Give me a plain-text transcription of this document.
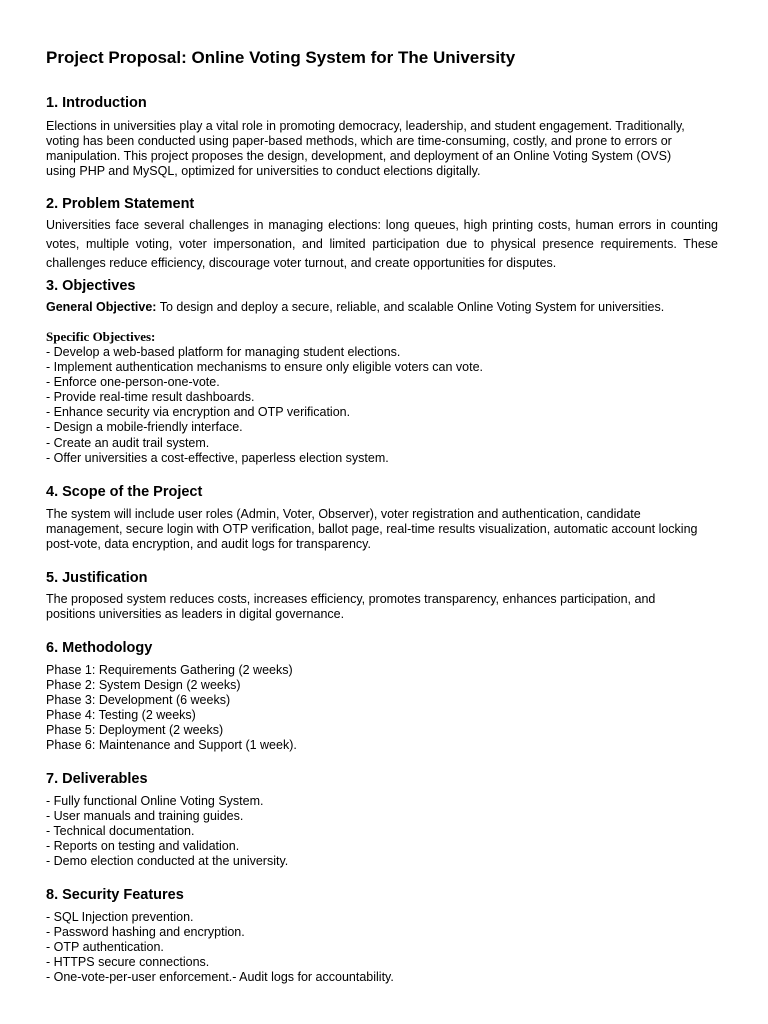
Project Proposal: Online Voting System for The University
1. Introduction
Elections in universities play a vital role in promoting democracy, leadership, and student engagement. Traditionally,
voting has been conducted using paper-based methods, which are time-consuming, costly, and prone to errors or
manipulation. This project proposes the design, development, and deployment of an Online Voting System (OVS)
using PHP and MySQL, optimized for universities to conduct elections digitally.
2. Problem Statement

Universities face several challenges in managing elections: long queues, high printing costs, human errors in counting votes, multiple voting, voter impersonation, and limited participation due to physical presence requirements. These challenges reduce efficiency, discourage voter turnout, and create opportunities for disputes.

3. Objectives
General Objective: To design and deploy a secure, reliable, and scalable Online Voting System for universities.
Specific Objectives:
- Develop a web-based platform for managing student elections.
- Implement authentication mechanisms to ensure only eligible voters can vote.
- Enforce one-person-one-vote.
- Provide real-time result dashboards.
- Enhance security via encryption and OTP verification.
- Design a mobile-friendly interface.
- Create an audit trail system.
- Offer universities a cost-effective, paperless election system.
4. Scope of the Project
The system will include user roles (Admin, Voter, Observer), voter registration and authentication, candidate
management, secure login with OTP verification, ballot page, real-time results visualization, automatic account locking
post-vote, data encryption, and audit logs for transparency.
5. Justification
The proposed system reduces costs, increases efficiency, promotes transparency, enhances participation, and
positions universities as leaders in digital governance.
6. Methodology
Phase 1: Requirements Gathering (2 weeks)
Phase 2: System Design (2 weeks)
Phase 3: Development (6 weeks)
Phase 4: Testing (2 weeks)
Phase 5: Deployment (2 weeks)
Phase 6: Maintenance and Support (1 week).
7. Deliverables
- Fully functional Online Voting System.
- User manuals and training guides.
- Technical documentation.
- Reports on testing and validation.
- Demo election conducted at the university.
8. Security Features
- SQL Injection prevention.
- Password hashing and encryption.
- OTP authentication.
- HTTPS secure connections.
- One-vote-per-user enforcement.- Audit logs for accountability.
